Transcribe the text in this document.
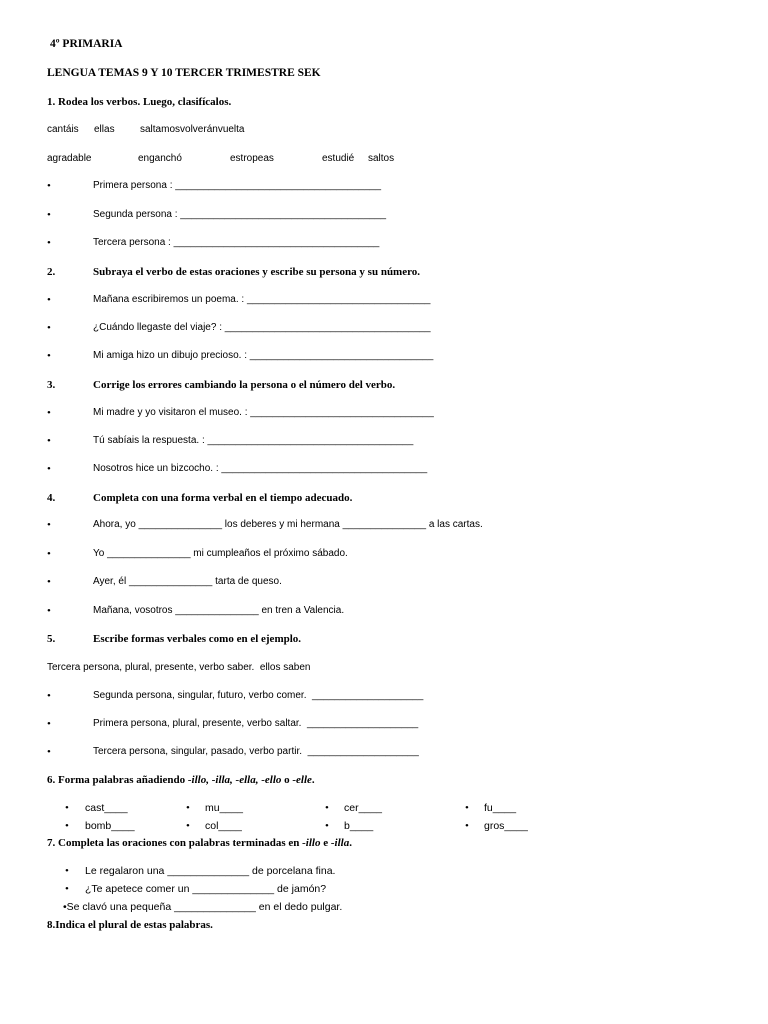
4º PRIMARIA
LENGUA TEMAS 9 Y 10 TERCER TRIMESTRE SEK
1. Rodea los verbos. Luego, clasifícalos.
cantáis ellas	saltamosvolveránvuelta
agradable	enganchó	estropeas	estudié saltos
•	Primera persona : _____________________________________
•	Segunda persona : _____________________________________
•	Tercera persona : _____________________________________
2.	Subraya el verbo de estas oraciones y escribe su persona y su número.
•	Mañana escribiremos un poema. : _________________________________
•	¿Cuándo llegaste del viaje? : _____________________________________
•	Mi amiga hizo un dibujo precioso. : _________________________________
3.	Corrige los errores cambiando la persona o el número del verbo.
•	Mi madre y yo visitaron el museo. : _________________________________
•	Tú sabíais la respuesta. : _____________________________________
•	Nosotros hice un bizcocho. : _____________________________________
4.	Completa con una forma verbal en el tiempo adecuado.
•	Ahora, yo _______________ los deberes y mi hermana _______________ a las cartas.
•	Yo _______________ mi cumpleaños el próximo sábado.
•	Ayer, él _______________ tarta de queso.
•	Mañana, vosotros _______________ en tren a Valencia.
5.	Escribe formas verbales como en el ejemplo.
Tercera persona, plural, presente, verbo saber.  ellos saben
•	Segunda persona, singular, futuro, verbo comer.  ____________________
•	Primera persona, plural, presente, verbo saltar.  ____________________
•	Tercera persona, singular, pasado, verbo partir.  ____________________
6. Forma palabras añadiendo -illo, -illa, -ella, -ello o -elle.
• cast____	• mu____	• cer____	• fu____
• bomb____	• col____	• b____	• gros____
7. Completa las oraciones con palabras terminadas en -illo e -illa.
• Le regalaron una ______________ de porcelana fina.
• ¿Te apetece comer un ______________ de jamón?
•Se clavó una pequeña ______________ en el dedo pulgar.
8.Indica el plural de estas palabras.
